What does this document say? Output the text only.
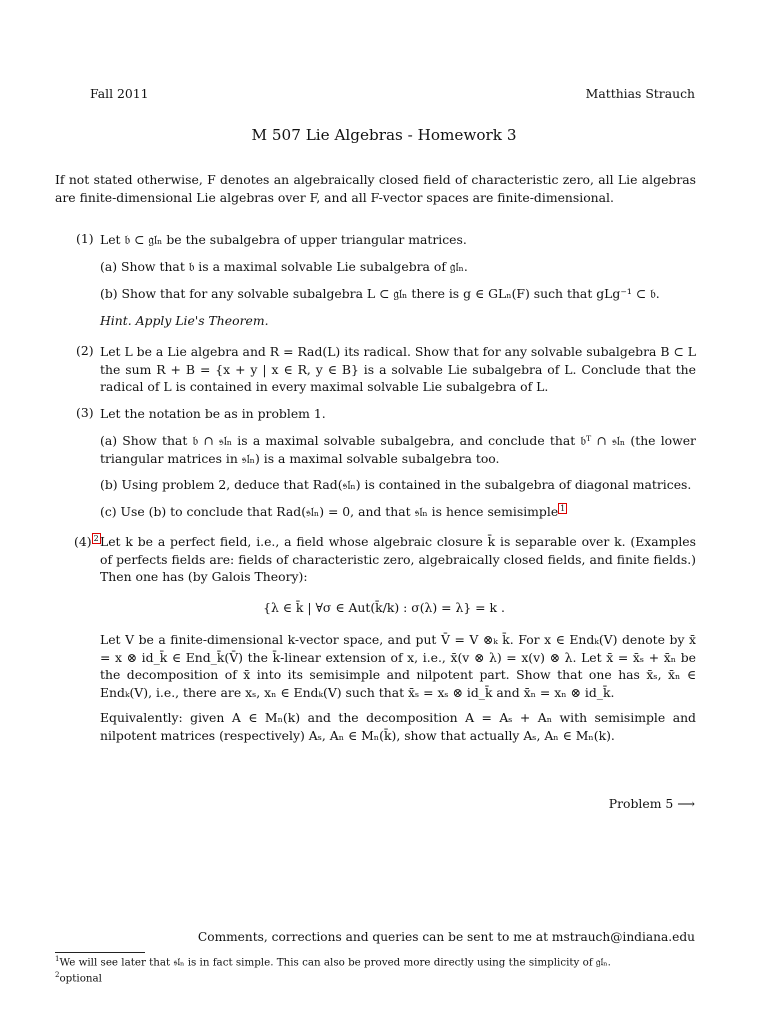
Fall 2011	Matthias Strauch
M 507 Lie Algebras - Homework 3
If not stated otherwise, F denotes an algebraically closed field of characteristic zero, all Lie algebras are finite-dimensional Lie algebras over F, and all F-vector spaces are finite-dimensional.
(1) Let 𝔟 ⊂ 𝔤𝔩ₙ be the subalgebra of upper triangular matrices.
(a) Show that 𝔟 is a maximal solvable Lie subalgebra of 𝔤𝔩ₙ.
(b) Show that for any solvable subalgebra L ⊂ 𝔤𝔩ₙ there is g ∈ GLₙ(F) such that gLg⁻¹ ⊂ 𝔟.
Hint. Apply Lie's Theorem.
(2) Let L be a Lie algebra and R = Rad(L) its radical. Show that for any solvable subalgebra B ⊂ L the sum R + B = {x + y | x ∈ R, y ∈ B} is a solvable Lie subalgebra of L. Conclude that the radical of L is contained in every maximal solvable Lie subalgebra of L.
(3) Let the notation be as in problem 1.
(a) Show that 𝔟 ∩ 𝔰𝔩ₙ is a maximal solvable subalgebra, and conclude that 𝔟ᵀ ∩ 𝔰𝔩ₙ (the lower triangular matrices in 𝔰𝔩ₙ) is a maximal solvable subalgebra too.
(b) Using problem 2, deduce that Rad(𝔰𝔩ₙ) is contained in the subalgebra of diagonal matrices.
(c) Use (b) to conclude that Rad(𝔰𝔩ₙ) = 0, and that 𝔰𝔩ₙ is hence semisimple 1
(4) 2 Let k be a perfect field, i.e., a field whose algebraic closure k̄ is separable over k. (Examples of perfects fields are: fields of characteristic zero, algebraically closed fields, and finite fields.) Then one has (by Galois Theory):
{λ ∈ k̄ | ∀σ ∈ Aut(k̄/k) : σ(λ) = λ} = k .
Let V be a finite-dimensional k-vector space, and put V̄ = V ⊗ₖ k̄. For x ∈ Endₖ(V) denote by x̄ = x ⊗ id_k̄ ∈ End_k̄(V̄) the k̄-linear extension of x, i.e., x̄(v ⊗ λ) = x(v) ⊗ λ. Let x̄ = x̄ₛ + x̄ₙ be the decomposition of x̄ into its semisimple and nilpotent part. Show that one has x̄ₛ, x̄ₙ ∈ Endₖ(V), i.e., there are xₛ, xₙ ∈ Endₖ(V) such that x̄ₛ = xₛ ⊗ id_k̄ and x̄ₙ = xₙ ⊗ id_k̄.
Equivalently: given A ∈ Mₙ(k) and the decomposition A = Aₛ + Aₙ with semisimple and nilpotent matrices (respectively) Aₛ, Aₙ ∈ Mₙ(k̄), show that actually Aₛ, Aₙ ∈ Mₙ(k).
Problem 5 ⟶
Comments, corrections and queries can be sent to me at mstrauch@indiana.edu
$^1$We will see later that 𝔰𝔩ₙ is in fact simple. This can also be proved more directly using the simplicity of 𝔤𝔩ₙ.
$^2$optional
